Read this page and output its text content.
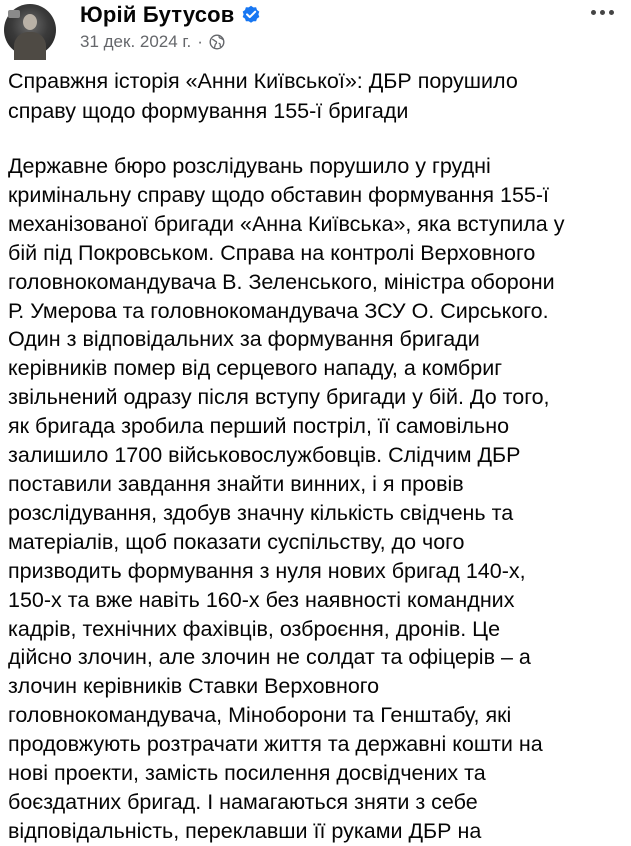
Юрій Бутусов
31 дек. 2024 г. ·
Справжня історія «Анни Київської»: ДБР порушило
справу щодо формування 155-ї бригади
Державне бюро розслідувань порушило у грудні
кримінальну справу щодо обставин формування 155-ї
механізованої бригади «Анна Київська», яка вступила у
бій під Покровськом. Справа на контролі Верховного
головнокомандувача В. Зеленського, міністра оборони
Р. Умерова та головнокомандувача ЗСУ О. Сирського.
Один з відповідальних за формування бригади
керівників помер від серцевого нападу, а комбриг
звільнений одразу після вступу бригади у бій. До того,
як бригада зробила перший постріл, її самовільно
залишило 1700 військовослужбовців. Слідчим ДБР
поставили завдання знайти винних, і я провів
розслідування, здобув значну кількість свідчень та
матеріалів, щоб показати суспільству, до чого
призводить формування з нуля нових бригад 140-х,
150-х та вже навіть 160-х без наявності командних
кадрів, технічних фахівців, озброєння, дронів. Це
дійсно злочин, але злочин не солдат та офіцерів – а
злочин керівників Ставки Верховного
головнокомандувача, Міноборони та Генштабу, які
продовжують розтрачати життя та державні кошти на
нові проекти, замість посилення досвідчених та
боєздатних бригад. І намагаються зняти з себе
відповідальність, переклавши її руками ДБР на
